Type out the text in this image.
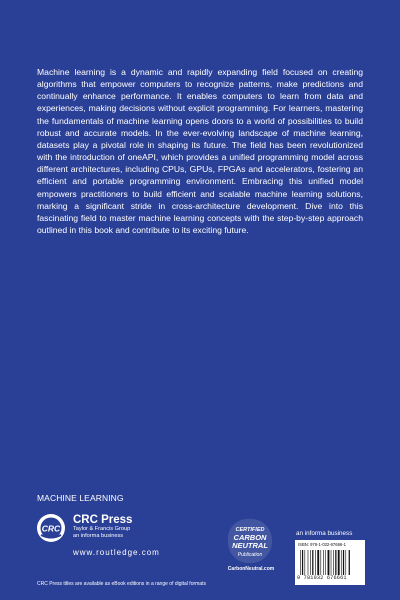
Machine learning is a dynamic and rapidly expanding field focused on creating algorithms that empower computers to recognize patterns, make predictions and continually enhance performance. It enables computers to learn from data and experiences, making decisions without explicit programming. For learners, mastering the fundamentals of machine learning opens doors to a world of possibilities to build robust and accurate models. In the ever-evolving landscape of machine learning, datasets play a pivotal role in shaping its future. The field has been revolutionized with the introduction of oneAPI, which provides a unified programming model across different architectures, including CPUs, GPUs, FPGAs and accelerators, fostering an efficient and portable programming environment. Embracing this unified model empowers practitioners to build efficient and scalable machine learning solutions, marking a significant stride in cross-architecture development. Dive into this fascinating field to master machine learning concepts with the step-by-step approach outlined in this book and contribute to its exciting future.

MACHINE LEARNING
CRC
CRC Press
Taylor & Francis Group
an informa business
www.routledge.com
CRC Press titles are available as eBook editions in a range of digital formats
CERTIFIED
CARBON
NEUTRAL
Publication
CarbonNeutral.com
an informa business
ISBN: 978-1-032-67666-1
9 781032 676661
